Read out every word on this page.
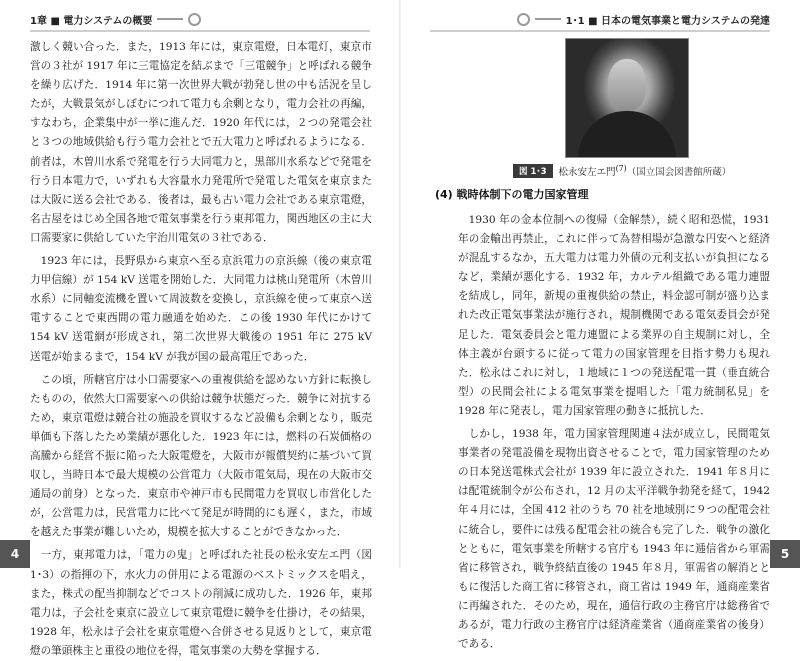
1章 ■ 電力システムの概要

激しく競い合った．また，1913 年には，東京電燈，日本電灯，東京市営の３社が 1917 年に三電協定を結ぶまで「三電競争」と呼ばれる競争を繰り広げた．1914 年に第一次世界大戦が勃発し世の中も活況を呈したが，大戦景気がしぼむにつれて電力も余剰となり，電力会社の再編，すなわち，企業集中が一挙に進んだ．1920 年代には，２つの発電会社と３つの地域供給も行う電力会社とで五大電力と呼ばれるようになる．前者は，木曽川水系で発電を行う大同電力と，黒部川水系などで発電を行う日本電力で，いずれも大容量水力発電所で発電した電気を東京または大阪に送る会社である．後者は，最も古い電力会社である東京電燈，名古屋をはじめ全国各地で電気事業を行う東邦電力，関西地区の主に大口需要家に供給していた宇治川電気の３社である．

1923 年には，長野県から東京へ至る京浜電力の京浜線（後の東京電力甲信線）が 154 kV 送電を開始した．大同電力は桃山発電所（木曽川水系）に同軸変流機を置いて周波数を変換し，京浜線を使って東京へ送電することで東西間の電力融通を始めた．この後 1930 年代にかけて 154 kV 送電網が形成され，第二次世界大戦後の 1951 年に 275 kV 送電が始まるまで，154 kV が我が国の最高電圧であった．

この頃，所轄官庁は小口需要家への重複供給を認めない方針に転換したものの，依然大口需要家への供給は競争状態だった．競争に対抗するため，東京電燈は競合社の施設を買収するなど設備も余剰となり，販売単価も下落したため業績が悪化した．1923 年には，燃料の石炭価格の高騰から経営不振に陥った大阪電燈を，大阪市が報償契約に基づいて買収し，当時日本で最大規模の公営電力（大阪市電気局，現在の大阪市交通局の前身）となった．東京市や神戸市も民間電力を買収し市営化したが，公営電力は，民営電力に比べて発足が時間的にも遅く，また，市域を越えた事業が難しいため，規模を拡大することができなかった．

一方，東邦電力は，「電力の鬼」と呼ばれた社長の松永安左エ門（図 1･3）の指揮の下，水火力の併用による電源のベストミックスを唱え，また，株式の配当抑制などでコストの削減に成功した．1926 年，東邦電力は，子会社を東京に設立して東京電燈に競争を仕掛け，その結果，1928 年，松永は子会社を東京電燈へ合併させる見返りとして，東京電燈の筆頭株主と重役の地位を得，電気事業の大勢を掌握する．

4
1･1 ■ 日本の電気事業と電力システムの発達

1930 年の金本位制への復帰（金解禁），続く昭和恐慌，1931 年の金輸出再禁止，これに伴って為替相場が急激な円安へと経済が混乱するなか，五大電力は電力外債の元利支払いが負担になるなど，業績が悪化する．1932 年，カルテル組織である電力連盟を結成し，同年，新規の重複供給の禁止，料金認可制が盛り込まれた改正電気事業法が施行され，規制機関である電気委員会が発足した．電気委員会と電力連盟による業界の自主規制に対し，全体主義が台頭するに従って電力の国家管理を目指す勢力も現れた．松永はこれに対し，１地域に１つの発送配電一貫（垂直統合型）の民間会社による電気事業を提唱した「電力統制私見」を 1928 年に発表し，電力国家管理の動きに抵抗した．

しかし，1938 年，電力国家管理関連４法が成立し，民間電気事業者の発電設備を現物出資させることで，電力国家管理のための日本発送電株式会社が 1939 年に設立された．1941 年８月には配電統制令が公布され，12 月の太平洋戦争勃発を経て，1942 年４月には，全国 412 社のうち 70 社を地域別に９つの配電会社に統合し，要件には残る配電会社の統合も完了した．戦争の激化とともに，電気事業を所轄する官庁も 1943 年に逓信省から軍需省に移管され，戦争終結直後の 1945 年８月，軍需省の解消とともに復活した商工省に移管され，商工省は 1949 年，通商産業省に再編された．そのため，現在，通信行政の主務官庁は総務省であるが，電力行政の主務官庁は経済産業省（通商産業省の後身）である．

5
図 1･3	松永安左エ門$^{(7)}$（国立国会図書館所蔵）
(4) 戦時体制下の電力国家管理
